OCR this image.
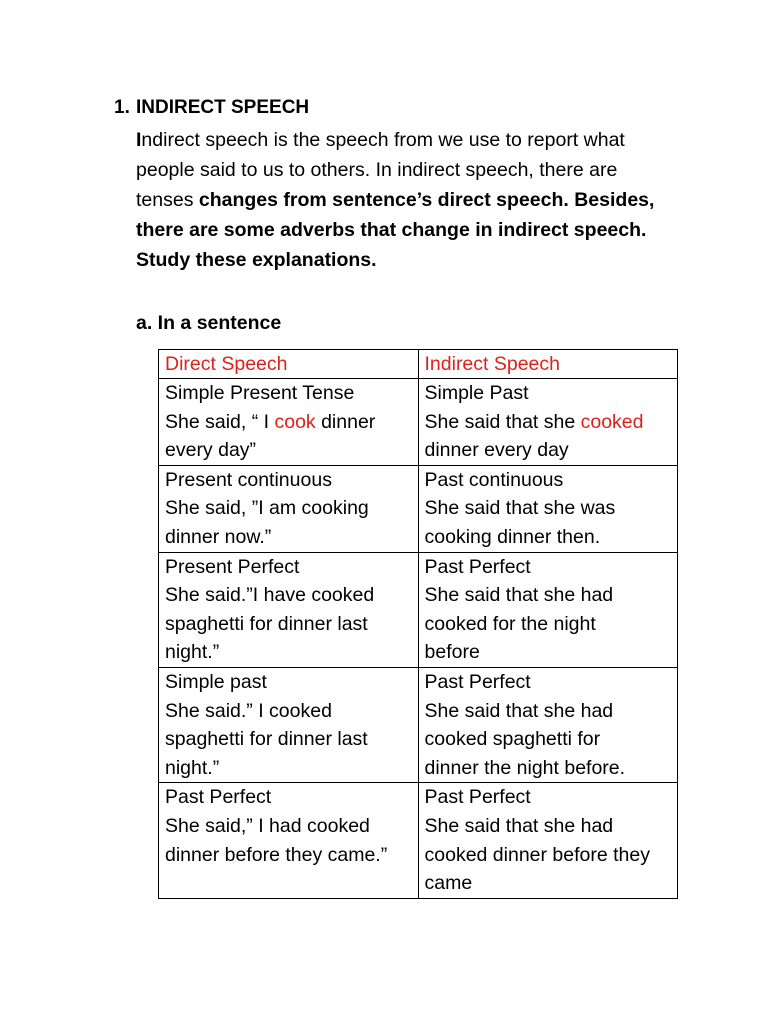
1. INDIRECT SPEECH
Indirect speech is the speech from we use to report what
people said to us to others. In indirect speech, there are
tenses changes from sentence’s direct speech. Besides,
there are some adverbs that change in indirect speech.
Study these explanations.
a. In a sentence
Direct Speech	Indirect Speech

Simple Present Tense
She said, “ I cook dinner
every day”	Simple Past
She said that she cooked
dinner every day

Present continuous
She said, ”I am cooking
dinner now.”	Past continuous
She said that she was
cooking dinner then.

Present Perfect
She said.”I have cooked
spaghetti for dinner last
night.”	Past Perfect
She said that she had
cooked for the night
before

Simple past
She said.” I cooked
spaghetti for dinner last
night.”	Past Perfect
She said that she had
cooked spaghetti for
dinner the night before.

Past Perfect
She said,” I had cooked
dinner before they came.”	Past Perfect
She said that she had
cooked dinner before they
came
